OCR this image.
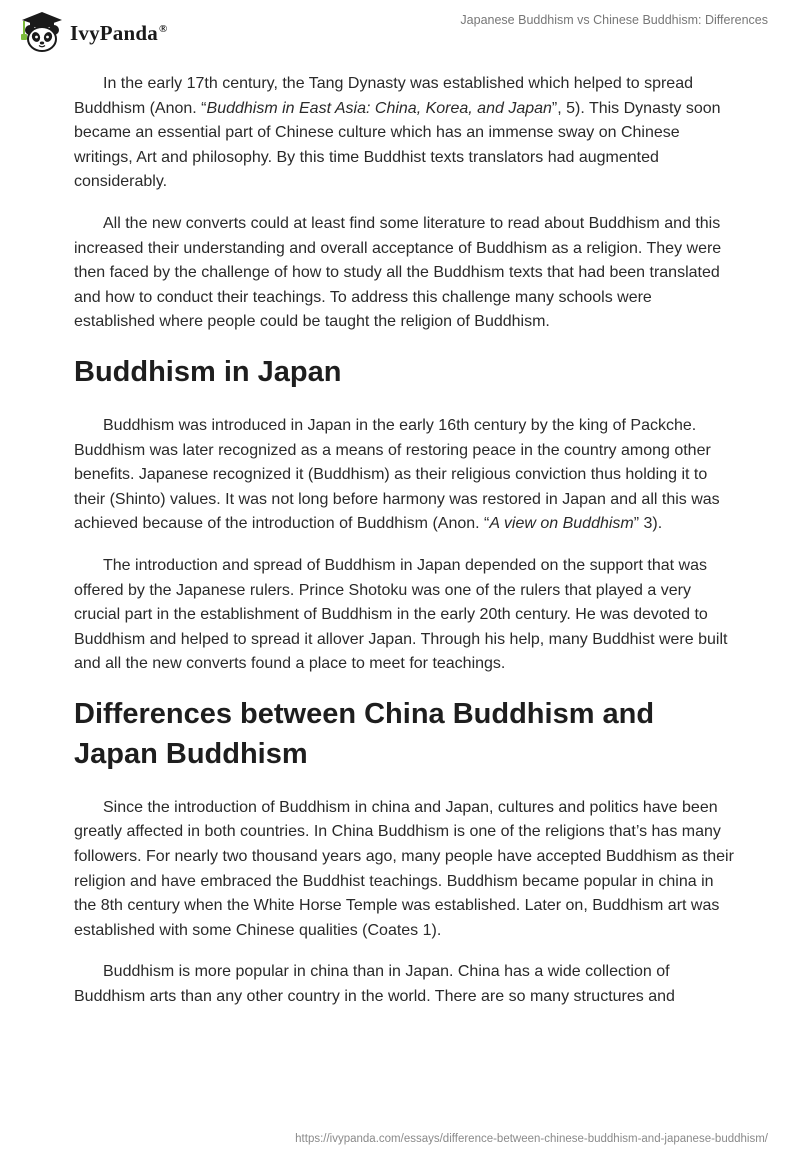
IvyPanda®
Japanese Buddhism vs Chinese Buddhism: Differences

In the early 17th century, the Tang Dynasty was established which helped to spread Buddhism (Anon. “Buddhism in East Asia: China, Korea, and Japan”, 5). This Dynasty soon became an essential part of Chinese culture which has an immense sway on Chinese writings, Art and philosophy. By this time Buddhist texts translators had augmented considerably.

All the new converts could at least find some literature to read about Buddhism and this increased their understanding and overall acceptance of Buddhism as a religion. They were then faced by the challenge of how to study all the Buddhism texts that had been translated and how to conduct their teachings. To address this challenge many schools were established where people could be taught the religion of Buddhism.

Buddhism in Japan

Buddhism was introduced in Japan in the early 16th century by the king of Packche. Buddhism was later recognized as a means of restoring peace in the country among other benefits. Japanese recognized it (Buddhism) as their religious conviction thus holding it to their (Shinto) values. It was not long before harmony was restored in Japan and all this was achieved because of the introduction of Buddhism (Anon. “A view on Buddhism” 3).

The introduction and spread of Buddhism in Japan depended on the support that was offered by the Japanese rulers. Prince Shotoku was one of the rulers that played a very crucial part in the establishment of Buddhism in the early 20th century. He was devoted to Buddhism and helped to spread it allover Japan. Through his help, many Buddhist were built and all the new converts found a place to meet for teachings.

Differences between China Buddhism and Japan Buddhism

Since the introduction of Buddhism in china and Japan, cultures and politics have been greatly affected in both countries. In China Buddhism is one of the religions that’s has many followers. For nearly two thousand years ago, many people have accepted Buddhism as their religion and have embraced the Buddhist teachings. Buddhism became popular in china in the 8th century when the White Horse Temple was established. Later on, Buddhism art was established with some Chinese qualities (Coates 1).

Buddhism is more popular in china than in Japan. China has a wide collection of Buddhism arts than any other country in the world. There are so many structures and

https://ivypanda.com/essays/difference-between-chinese-buddhism-and-japanese-buddhism/
